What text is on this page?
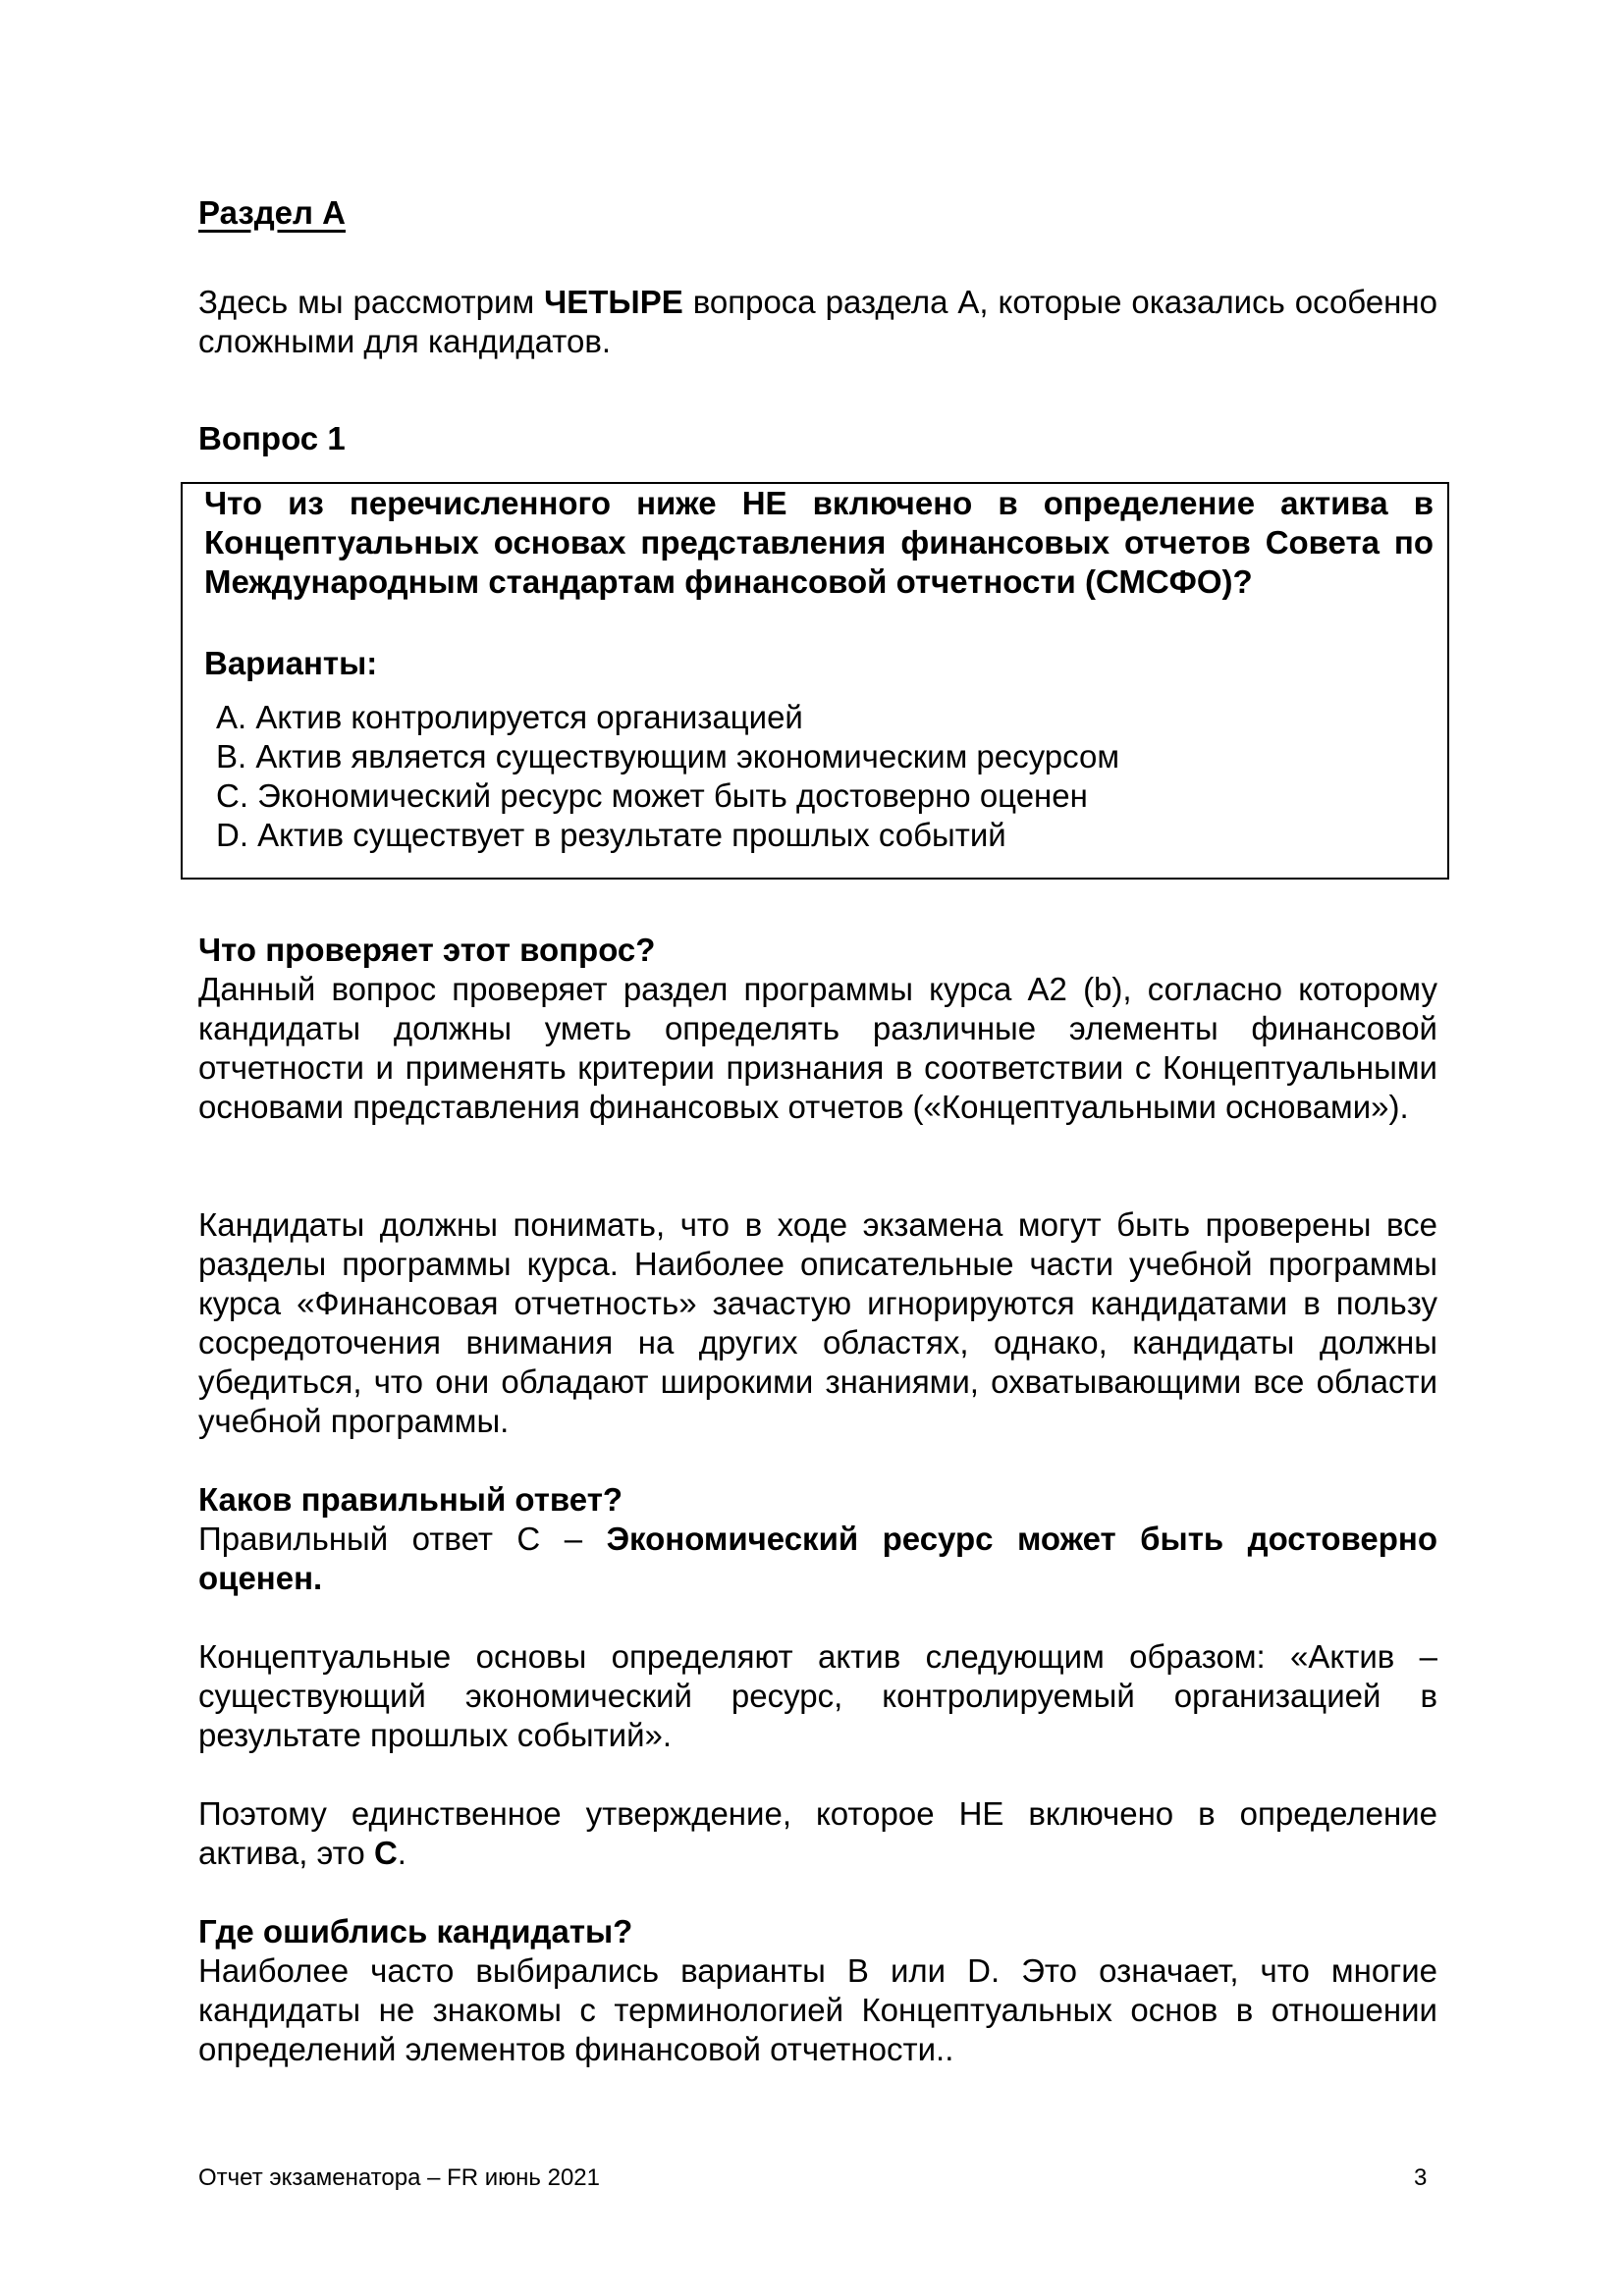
Раздел А

Здесь мы рассмотрим ЧЕТЫРЕ вопроса раздела А, которые оказались особенно сложными для кандидатов.

Вопрос 1

Что из перечисленного ниже НЕ включено в определение актива в Концептуальных основах представления финансовых отчетов Совета по Международным стандартам финансовой отчетности (СМСФО)?

Варианты:

A. Актив контролируется организацией
B. Актив является существующим экономическим ресурсом
C. Экономический ресурс может быть достоверно оценен
D. Актив существует в результате прошлых событий
Что проверяет этот вопрос?

Данный вопрос проверяет раздел программы курса A2 (b), согласно которому кандидаты должны уметь определять различные элементы финансовой отчетности и применять критерии признания в соответствии с Концептуальными основами представления финансовых отчетов («Концептуальными основами»).

Кандидаты должны понимать, что в ходе экзамена могут быть проверены все разделы программы курса. Наиболее описательные части учебной программы курса «Финансовая отчетность» зачастую игнорируются кандидатами в пользу сосредоточения внимания на других областях, однако, кандидаты должны убедиться, что они обладают широкими знаниями, охватывающими все области учебной программы.

Каков правильный ответ?

Правильный ответ С – Экономический ресурс может быть достоверно оценен.

Концептуальные основы определяют актив следующим образом: «Актив – существующий экономический ресурс, контролируемый организацией в результате прошлых событий».

Поэтому единственное утверждение, которое НЕ включено в определение актива, это С.

Где ошиблись кандидаты?

Наиболее часто выбирались варианты B или D. Это означает, что многие кандидаты не знакомы с терминологией Концептуальных основ в отношении определений элементов финансовой отчетности..

Отчет экзаменатора – FR июнь 2021	3
